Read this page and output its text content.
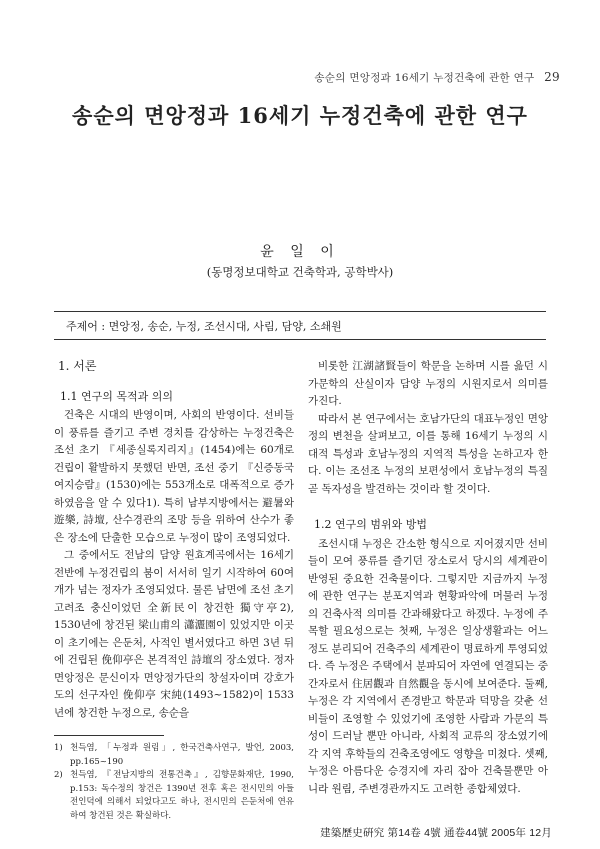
송순의 면앙정과 16세기 누정건축에 관한 연구 29
송순의 면앙정과 16세기 누정건축에 관한 연구
윤 일 이
(동명정보대학교 건축학과, 공학박사)
주제어 : 면앙정, 송순, 누정, 조선시대, 사림, 담양, 소쇄원
1. 서론
1.1 연구의 목적과 의의

건축은 시대의 반영이며, 사회의 반영이다. 선비들이 풍류를 즐기고 주변 경치를 감상하는 누정건축은 조선 초기 『세종실록지리지』(1454)에는 60개로 건립이 활발하지 못했던 반면, 조선 중기 『신증동국여지승람』(1530)에는 553개소로 대폭적으로 증가하였음을 알 수 있다1). 특히 남부지방에서는 避暑와 遊樂, 詩壇, 산수경관의 조망 등을 위하여 산수가 좋은 장소에 단출한 모습으로 누정이 많이 조영되었다.

그 중에서도 전남의 담양 원효계곡에서는 16세기 전반에 누정건립의 붐이 서서히 일기 시작하여 60여개가 넘는 정자가 조영되었다. 물론 남면에 조선 초기 고려조 충신이었던 全新民이 창건한 獨守亭2), 1530년에 창건된 梁山甫의 瀟灑園이 있었지만 이곳이 초기에는 은둔처, 사적인 별서였다고 하면 3년 뒤에 건립된 俛仰亭은 본격적인 詩壇의 장소였다. 정자 면앙정은 문신이자 면앙정가단의 창설자이며 강호가도의 선구자인 俛仰亭 宋純(1493~1582)이 1533년에 창건한 누정으로, 송순을

1) 천득염, 「누정과 원림」, 한국건축사연구, 발언, 2003, pp.165~190
2) 천득염, 『전남지방의 전통건축』, 김향문화재단, 1990, p.153: 독수정의 창건은 1390년 전후 혹은 전시민의 아들 전인덕에 의해서 되었다고도 하나, 전시민의 은둔처에 연유하여 창건된 것은 확실하다.

비롯한 江湖諸賢들이 학문을 논하며 시를 읊던 시가문학의 산실이자 담양 누정의 시원지로서 의미를 가진다.

따라서 본 연구에서는 호남가단의 대표누정인 면앙정의 변천을 살펴보고, 이를 통해 16세기 누정의 시대적 특성과 호남누정의 지역적 특성을 논하고자 한다. 이는 조선조 누정의 보편성에서 호남누정의 특질 곧 독자성을 발견하는 것이라 할 것이다.

1.2 연구의 범위와 방법

조선시대 누정은 간소한 형식으로 지어졌지만 선비들이 모여 풍류를 즐기던 장소로서 당시의 세계관이 반영된 중요한 건축물이다. 그렇지만 지금까지 누정에 관한 연구는 분포지역과 현황파악에 머물러 누정의 건축사적 의미를 간과해왔다고 하겠다. 누정에 주목할 필요성으로는 첫째, 누정은 일상생활과는 어느 정도 분리되어 건축주의 세계관이 명료하게 투영되었다. 즉 누정은 주택에서 분파되어 자연에 연결되는 중간자로서 住居觀과 自然觀을 동시에 보여준다. 둘째, 누정은 각 지역에서 존경받고 학문과 덕망을 갖춘 선비들이 조영할 수 있었기에 조영한 사람과 가문의 특성이 드러날 뿐만 아니라, 사회적 교류의 장소였기에 각 지역 후학들의 건축조영에도 영향을 미쳤다. 셋째, 누정은 아름다운 승경지에 자리 잡아 건축물뿐만 아니라 원림, 주변경관까지도 고려한 종합체였다.

建築歷史硏究 第14卷 4號 通卷44號 2005年 12月
